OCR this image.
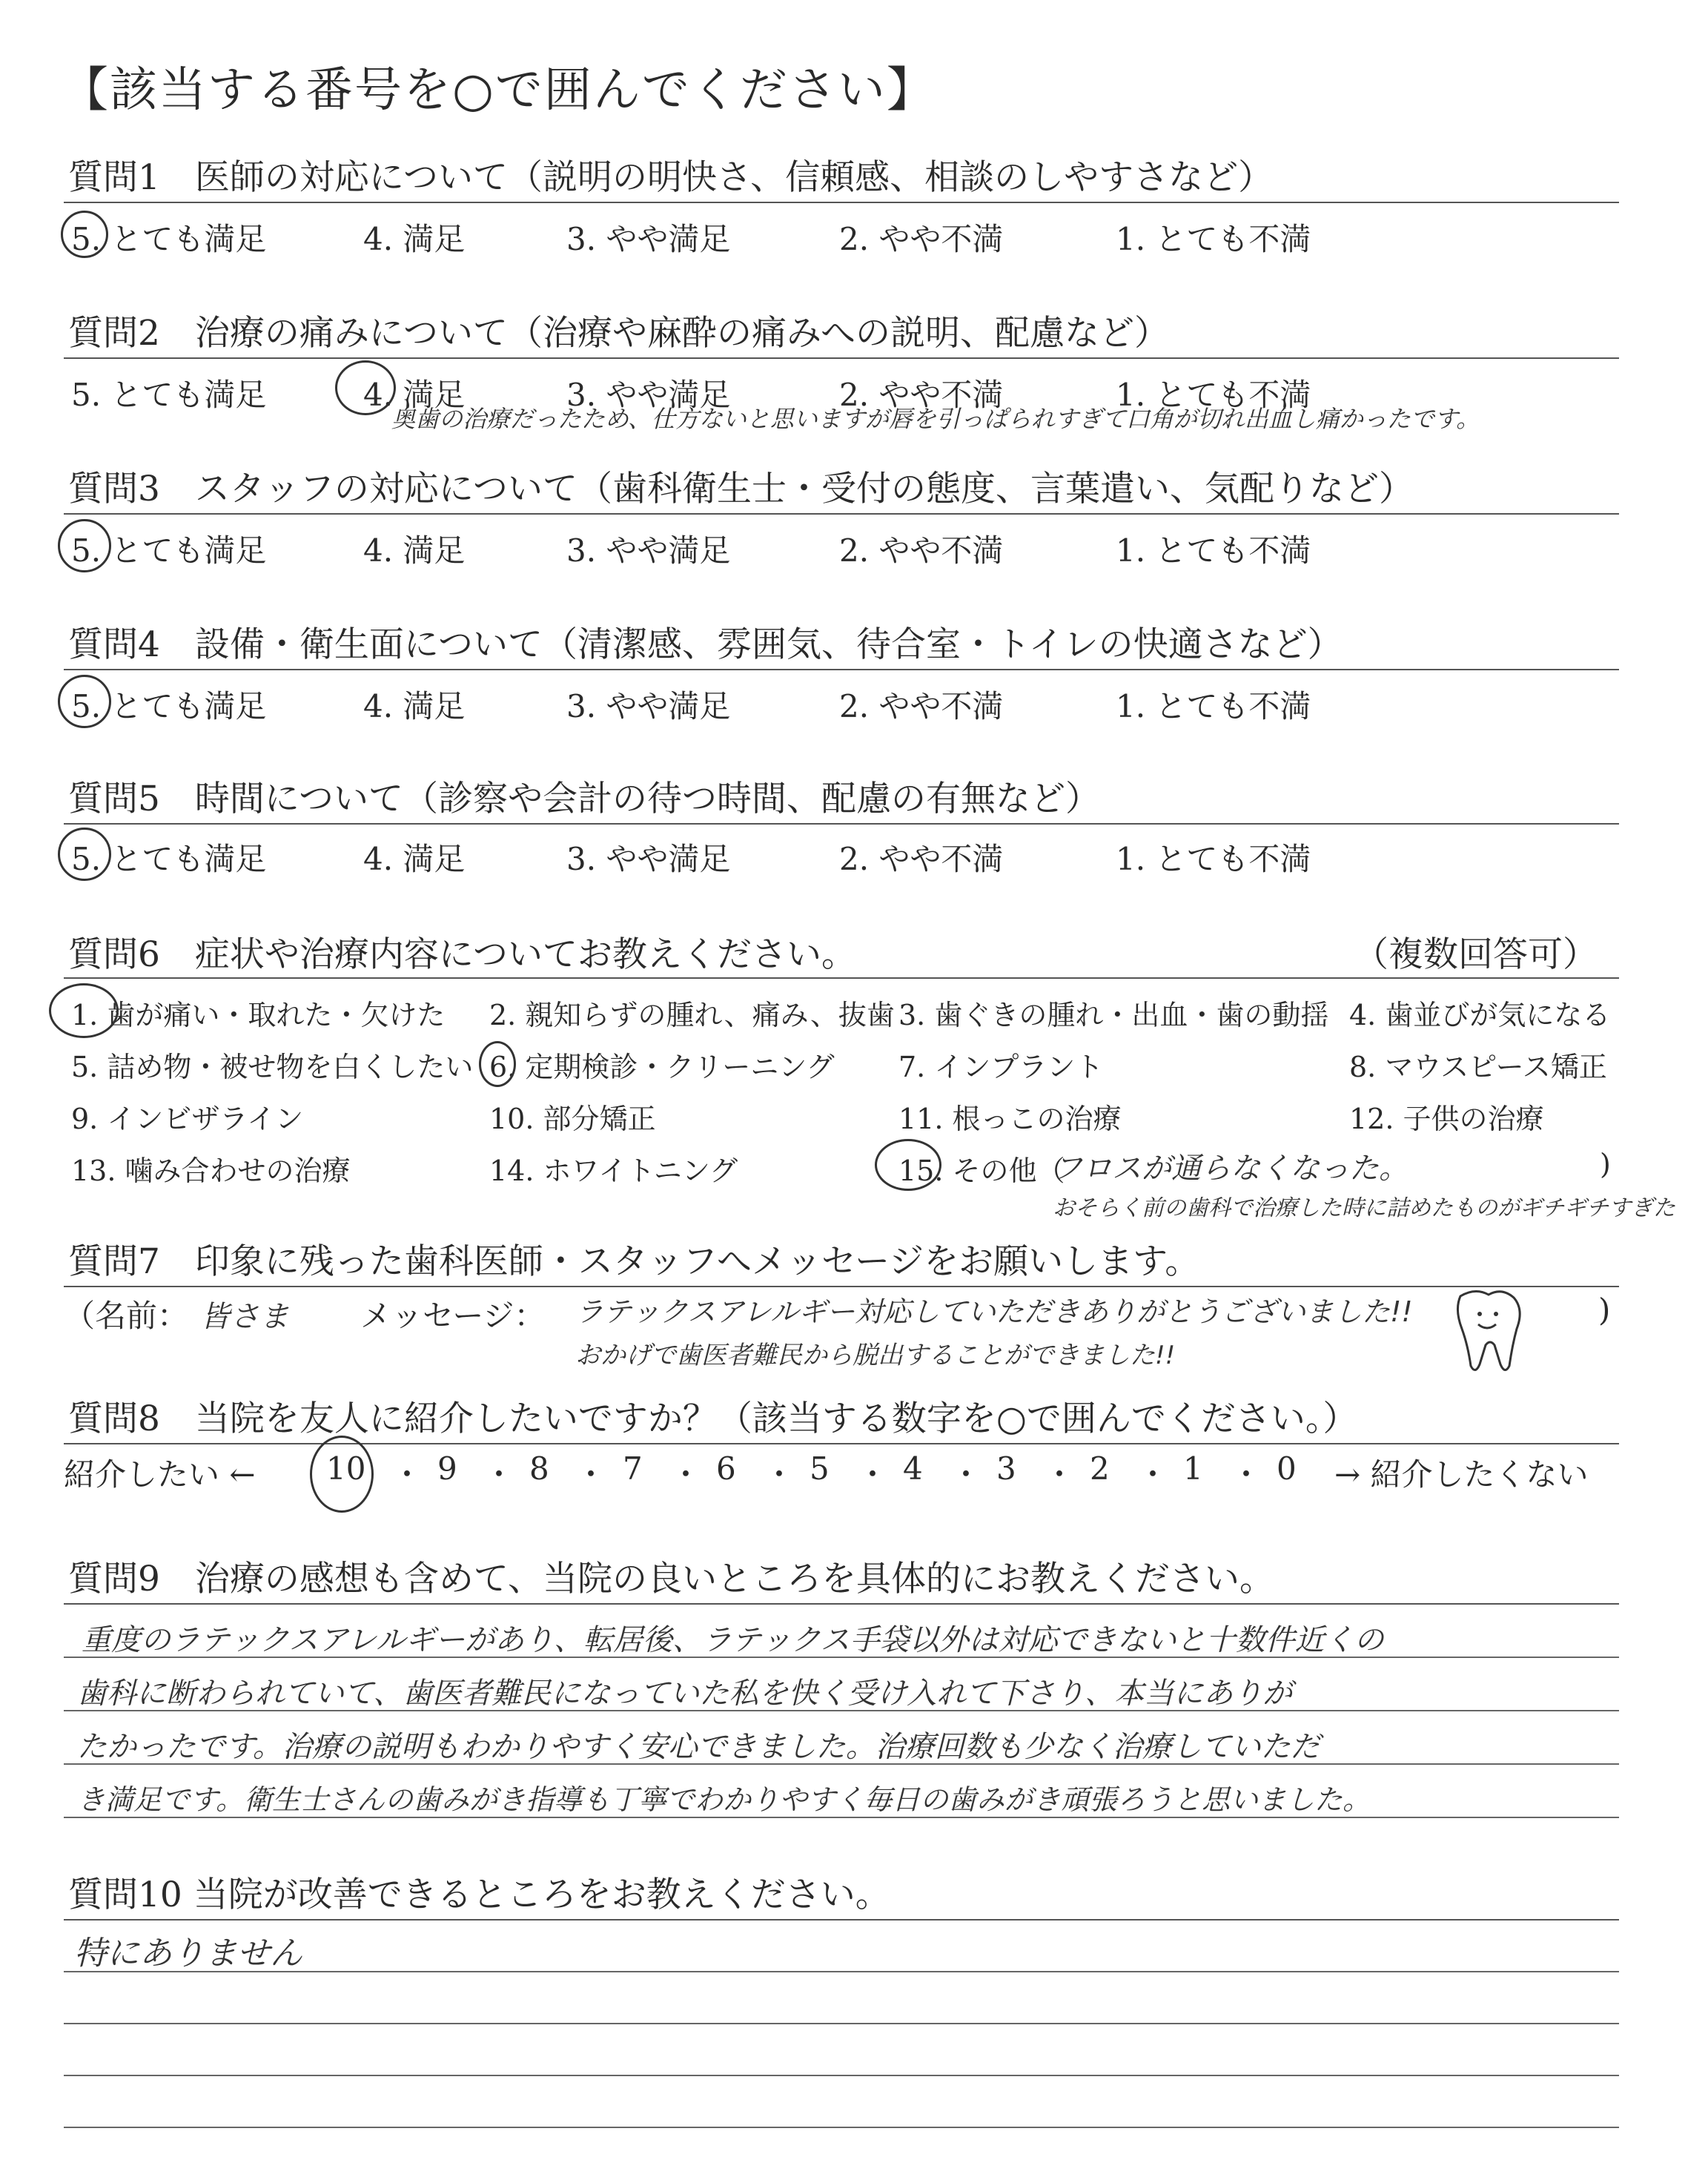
【該当する番号を○で囲んでください】
質問1　医師の対応について（説明の明快さ、信頼感、相談のしやすさなど）
5. とても満足	4. 満足	3. やや満足	2. やや不満	1. とても不満
質問2　治療の痛みについて（治療や麻酔の痛みへの説明、配慮など）
5. とても満足	4. 満足	3. やや満足	2. やや不満	1. とても不満
奥歯の治療だったため、仕方ないと思いますが唇を引っぱられすぎて口角が切れ出血し痛かったです。
質問3　スタッフの対応について（歯科衛生士・受付の態度、言葉遣い、気配りなど）
5. とても満足	4. 満足	3. やや満足	2. やや不満	1. とても不満
質問4　設備・衛生面について（清潔感、雰囲気、待合室・トイレの快適さなど）
5. とても満足	4. 満足	3. やや満足	2. やや不満	1. とても不満
質問5　時間について（診察や会計の待つ時間、配慮の有無など）
5. とても満足	4. 満足	3. やや満足	2. やや不満	1. とても不満
質問6　症状や治療内容についてお教えください。	（複数回答可）
1. 歯が痛い・取れた・欠けた 2. 親知らずの腫れ、痛み、抜歯 3. 歯ぐきの腫れ・出血・歯の動揺 4. 歯並びが気になる
5. 詰め物・被せ物を白くしたい 6. 定期検診・クリーニング 7. インプラント	8. マウスピース矯正
9. インビザライン	10. 部分矯正	11. 根っこの治療	12. 子供の治療
13. 噛み合わせの治療	14. ホワイトニング	15. その他（	)
フロスが通らなくなった。
おそらく前の歯科で治療した時に詰めたものがギチギチすぎた
質問7　印象に残った歯科医師・スタッフへメッセージをお願いします。
（名前： 皆さま メッセージ： ラテックスアレルギー対応していただきありがとうございました!!
おかげで歯医者難民から脱出することができました!!
)
質問8　当院を友人に紹介したいですか？（該当する数字を○で囲んでください。）
紹介したい ← 10 ・ 9 ・ 8 ・ 7 ・ 6 ・ 5 ・ 4 ・ 3 ・ 2 ・ 1 ・ 0 → 紹介したくない
質問9　治療の感想も含めて、当院の良いところを具体的にお教えください。
重度のラテックスアレルギーがあり、転居後、ラテックス手袋以外は対応できないと十数件近くの
歯科に断わられていて、歯医者難民になっていた私を快く受け入れて下さり、本当にありが
たかったです。治療の説明もわかりやすく安心できました。治療回数も少なく治療していただ
き満足です。衛生士さんの歯みがき指導も丁寧でわかりやすく毎日の歯みがき頑張ろうと思いました。
質問10 当院が改善できるところをお教えください。
特にありません
